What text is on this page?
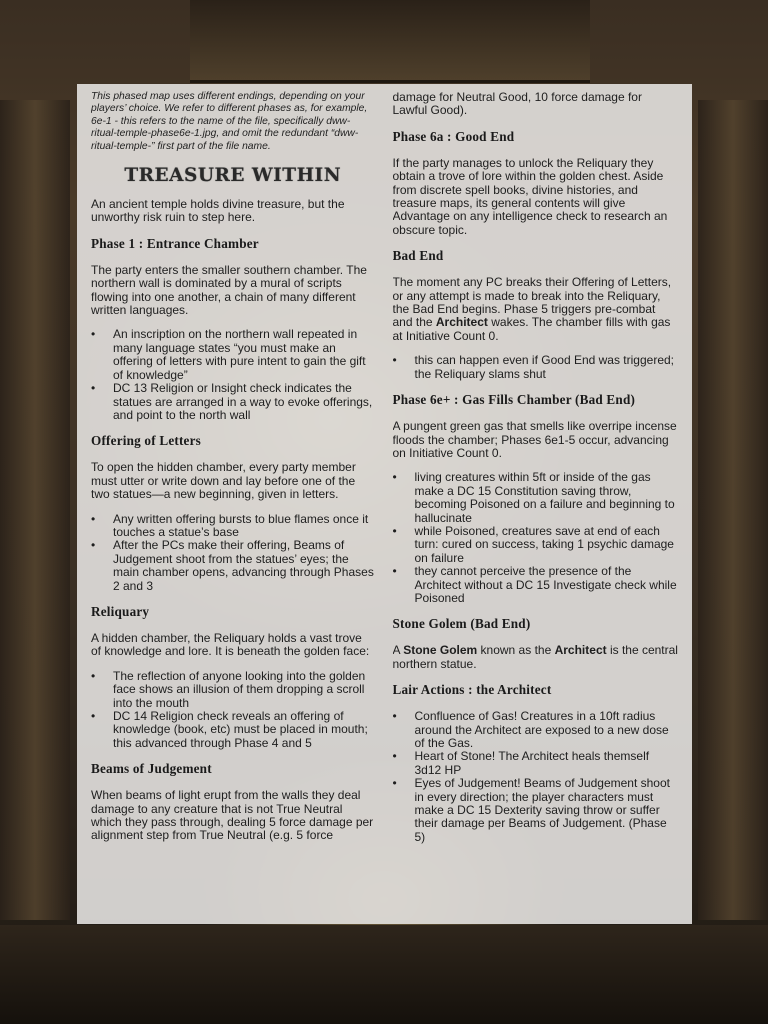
This phased map uses different endings, depending on your players’ choice. We refer to different phases as, for example, 6e-1 - this refers to the name of the file, specifically dww-ritual-temple-phase6e-1.jpg, and omit the redundant “dww-ritual-temple-” first part of the file name.

TREASURE WITHIN

An ancient temple holds divine treasure, but the unworthy risk ruin to step here.

Phase 1 : Entrance Chamber

The party enters the smaller southern chamber. The northern wall is dominated by a mural of scripts flowing into one another, a chain of many different written languages.

• An inscription on the northern wall repeated in many language states “you must make an offering of letters with pure intent to gain the gift of knowledge”
• DC 13 Religion or Insight check indicates the statues are arranged in a way to evoke offerings, and point to the north wall
Offering of Letters

To open the hidden chamber, every party member must utter or write down and lay before one of the two statues—a new beginning, given in letters.

• Any written offering bursts to blue flames once it touches a statue’s base
• After the PCs make their offering, Beams of Judgement shoot from the statues’ eyes; the main chamber opens, advancing through Phases 2 and 3
Reliquary

A hidden chamber, the Reliquary holds a vast trove of knowledge and lore. It is beneath the golden face:

• The reflection of anyone looking into the golden face shows an illusion of them dropping a scroll into the mouth
• DC 14 Religion check reveals an offering of knowledge (book, etc) must be placed in mouth; this advanced through Phase 4 and 5
Beams of Judgement

When beams of light erupt from the walls they deal damage to any creature that is not True Neutral which they pass through, dealing 5 force damage per alignment step from True Neutral (e.g. 5 force

damage for Neutral Good, 10 force damage for Lawful Good).

Phase 6a : Good End

If the party manages to unlock the Reliquary they obtain a trove of lore within the golden chest. Aside from discrete spell books, divine histories, and treasure maps, its general contents will give Advantage on any intelligence check to research an obscure topic.

Bad End

The moment any PC breaks their Offering of Letters, or any attempt is made to break into the Reliquary, the Bad End begins. Phase 5 triggers pre-combat and the Architect wakes. The chamber fills with gas at Initiative Count 0.

• this can happen even if Good End was triggered; the Reliquary slams shut
Phase 6e+ : Gas Fills Chamber (Bad End)

A pungent green gas that smells like overripe incense floods the chamber; Phases 6e1-5 occur, advancing on Initiative Count 0.

• living creatures within 5ft or inside of the gas make a DC 15 Constitution saving throw, becoming Poisoned on a failure and beginning to hallucinate
• while Poisoned, creatures save at end of each turn: cured on success, taking 1 psychic damage on failure
• they cannot perceive the presence of the Architect without a DC 15 Investigate check while Poisoned
Stone Golem (Bad End)

A Stone Golem known as the Architect is the central northern statue.

Lair Actions : the Architect
• Confluence of Gas! Creatures in a 10ft radius around the Architect are exposed to a new dose of the Gas.
• Heart of Stone! The Architect heals themself 3d12 HP
• Eyes of Judgement! Beams of Judgement shoot in every direction; the player characters must make a DC 15 Dexterity saving throw or suffer their damage per Beams of Judgement. (Phase 5)
